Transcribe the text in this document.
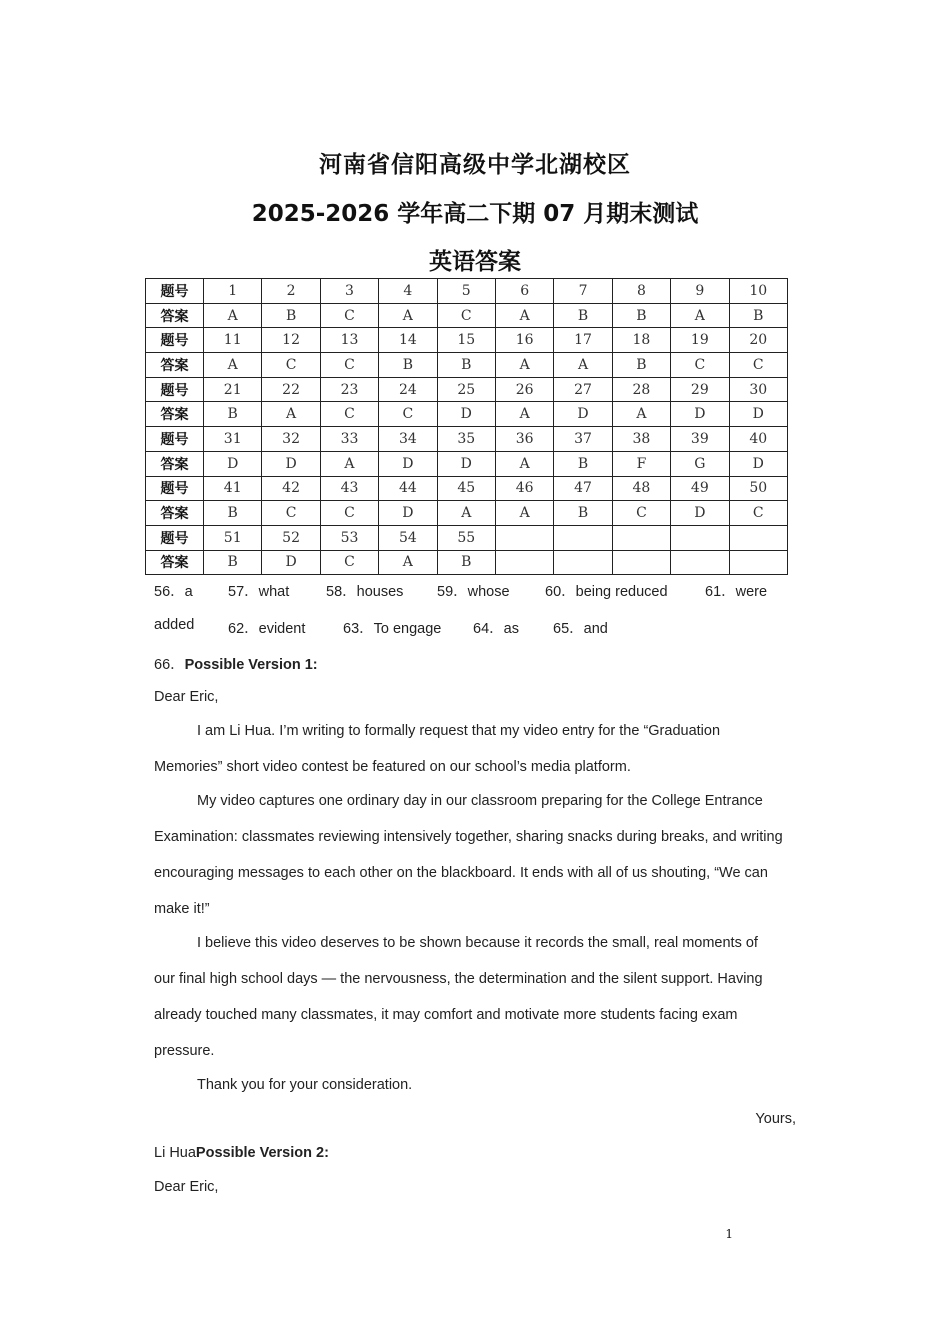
河南省信阳高级中学北湖校区
2025-2026 学年高二下期 07 月期末测试
英语答案
题号	1	2	3	4	5	6	7	8	9	10
答案	A	B	C	A	C	A	B	B	A	B
题号	11	12	13	14	15	16	17	18	19	20
答案	A	C	C	B	B	A	A	B	C	C
题号	21	22	23	24	25	26	27	28	29	30
答案	B	A	C	C	D	A	D	A	D	D
题号	31	32	33	34	35	36	37	38	39	40
答案	D	D	A	D	D	A	B	F	G	D
题号	41	42	43	44	45	46	47	48	49	50
答案	B	C	C	D	A	A	B	C	D	C
题号	51	52	53	54	55					
答案	B	D	C	A	B					
56．a 57．what	58．houses 59．whose 60．being reduced	61．were
added 62．evident	63．To engage 64．as 65．and
66．Possible Version 1:
Dear Eric,
I am Li Hua. I’m writing to formally request that my video entry for the “Graduation
Memories” short video contest be featured on our school’s media platform.
My video captures one ordinary day in our classroom preparing for the College Entrance
Examination: classmates reviewing intensively together, sharing snacks during breaks, and writing
encouraging messages to each other on the blackboard. It ends with all of us shouting, “We can
make it!”
I believe this video deserves to be shown because it records the small, real moments of
our final high school days — the nervousness, the determination and the silent support. Having
already touched many classmates, it may comfort and motivate more students facing exam
pressure.
Thank you for your consideration.
Yours,
Li HuaPossible Version 2:
Dear Eric,
1
